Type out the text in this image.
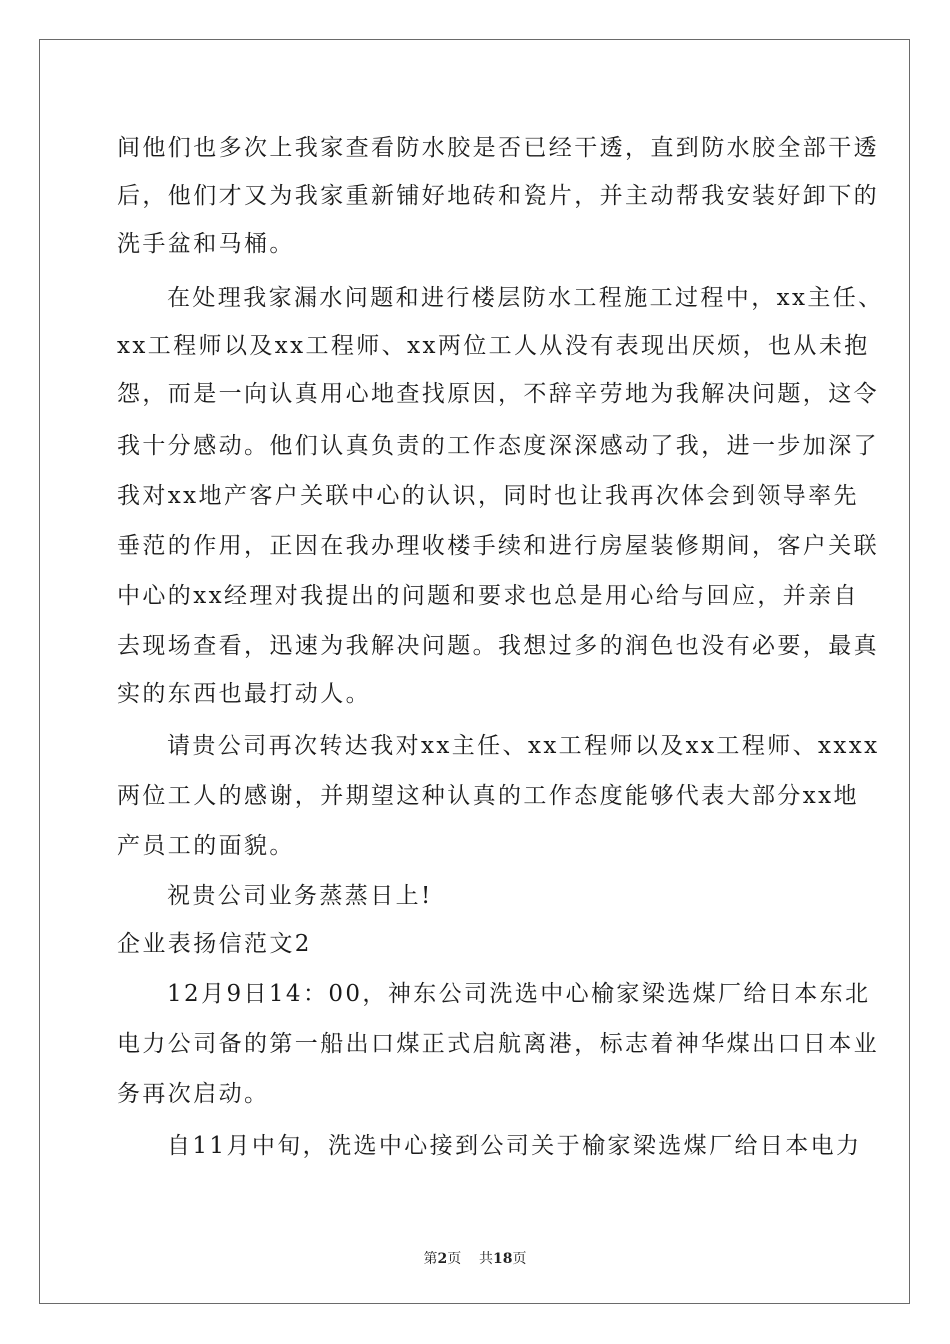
间他们也多次上我家查看防水胶是否已经干透，直到防水胶全部干透
后，他们才又为我家重新铺好地砖和瓷片，并主动帮我安装好卸下的
洗手盆和马桶。
在处理我家漏水问题和进行楼层防水工程施工过程中，xx主任、
xx工程师以及xx工程师、xx两位工人从没有表现出厌烦，也从未抱
怨，而是一向认真用心地查找原因，不辞辛劳地为我解决问题，这令
我十分感动。他们认真负责的工作态度深深感动了我，进一步加深了
我对xx地产客户关联中心的认识，同时也让我再次体会到领导率先
垂范的作用，正因在我办理收楼手续和进行房屋装修期间，客户关联
中心的xx经理对我提出的问题和要求也总是用心给与回应，并亲自
去现场查看，迅速为我解决问题。我想过多的润色也没有必要，最真
实的东西也最打动人。
请贵公司再次转达我对xx主任、xx工程师以及xx工程师、xxxx
两位工人的感谢，并期望这种认真的工作态度能够代表大部分xx地
产员工的面貌。
祝贵公司业务蒸蒸日上!
企业表扬信范文2
12月9日14：00，神东公司洗选中心榆家梁选煤厂给日本东北
电力公司备的第一船出口煤正式启航离港，标志着神华煤出口日本业
务再次启动。
自11月中旬，洗选中心接到公司关于榆家梁选煤厂给日本电力
第2页 共18页
